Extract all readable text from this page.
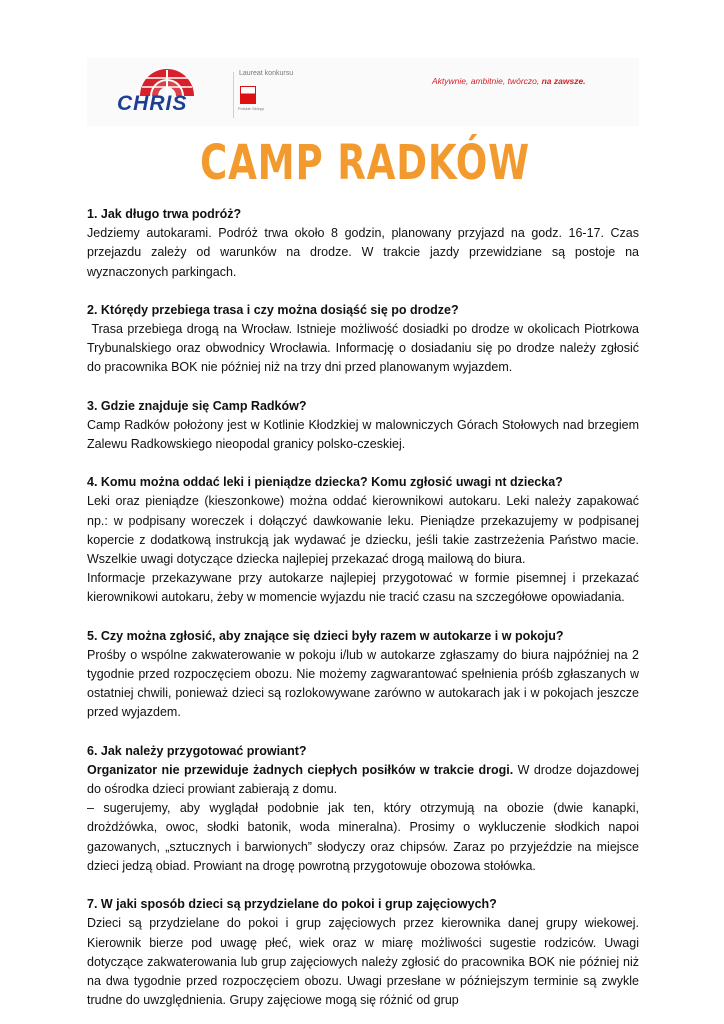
CHRIS
Laureat konkursu
Polskie Sklepy
Aktywnie, ambitnie, twórczo, na zawsze.
CAMP RADKÓW

1. Jak długo trwa podróż?

Jedziemy autokarami. Podróż trwa około 8 godzin, planowany przyjazd na godz. 16-17. Czas przejazdu zależy od warunków na drodze. W trakcie jazdy przewidziane są postoje na wyznaczonych parkingach.

2. Którędy przebiega trasa i czy można dosiąść się po drodze?

Trasa przebiega drogą na Wrocław. Istnieje możliwość dosiadki po drodze w okolicach Piotrkowa Trybunalskiego oraz obwodnicy Wrocławia. Informację o dosiadaniu się po drodze należy zgłosić do pracownika BOK nie później niż na trzy dni przed planowanym wyjazdem.

3. Gdzie znajduje się Camp Radków?

Camp Radków położony jest w Kotlinie Kłodzkiej w malowniczych Górach Stołowych nad brzegiem Zalewu Radkowskiego nieopodal granicy polsko-czeskiej.

4. Komu można oddać leki i pieniądze dziecka? Komu zgłosić uwagi nt dziecka?

Leki oraz pieniądze (kieszonkowe) można oddać kierownikowi autokaru. Leki należy zapakować np.: w podpisany woreczek i dołączyć dawkowanie leku. Pieniądze przekazujemy w podpisanej kopercie z dodatkową instrukcją jak wydawać je dziecku, jeśli takie zastrzeżenia Państwo macie. Wszelkie uwagi dotyczące dziecka najlepiej przekazać drogą mailową do biura.

Informacje przekazywane przy autokarze najlepiej przygotować w formie pisemnej i przekazać kierownikowi autokaru, żeby w momencie wyjazdu nie tracić czasu na szczegółowe opowiadania.

5. Czy można zgłosić, aby znające się dzieci były razem w autokarze i w pokoju?

Prośby o wspólne zakwaterowanie w pokoju i/lub w autokarze zgłaszamy do biura najpóźniej na 2 tygodnie przed rozpoczęciem obozu. Nie możemy zagwarantować spełnienia próśb zgłaszanych w ostatniej chwili, ponieważ dzieci są rozlokowywane zarówno w autokarach jak i w pokojach jeszcze przed wyjazdem.

6. Jak należy przygotować prowiant?

Organizator nie przewiduje żadnych ciepłych posiłków w trakcie drogi. W drodze dojazdowej do ośrodka dzieci prowiant zabierają z domu.

– sugerujemy, aby wyglądał podobnie jak ten, który otrzymują na obozie (dwie kanapki, drożdżówka, owoc, słodki batonik, woda mineralna). Prosimy o wykluczenie słodkich napoi gazowanych, „sztucznych i barwionych” słodyczy oraz chipsów. Zaraz po przyjeździe na miejsce dzieci jedzą obiad. Prowiant na drogę powrotną przygotowuje obozowa stołówka.

7. W jaki sposób dzieci są przydzielane do pokoi i grup zajęciowych?

Dzieci są przydzielane do pokoi i grup zajęciowych przez kierownika danej grupy wiekowej. Kierownik bierze pod uwagę płeć, wiek oraz w miarę możliwości sugestie rodziców. Uwagi dotyczące zakwaterowania lub grup zajęciowych należy zgłosić do pracownika BOK nie później niż na dwa tygodnie przed rozpoczęciem obozu. Uwagi przesłane w późniejszym terminie są zwykle trudne do uwzględnienia. Grupy zajęciowe mogą się różnić od grup
